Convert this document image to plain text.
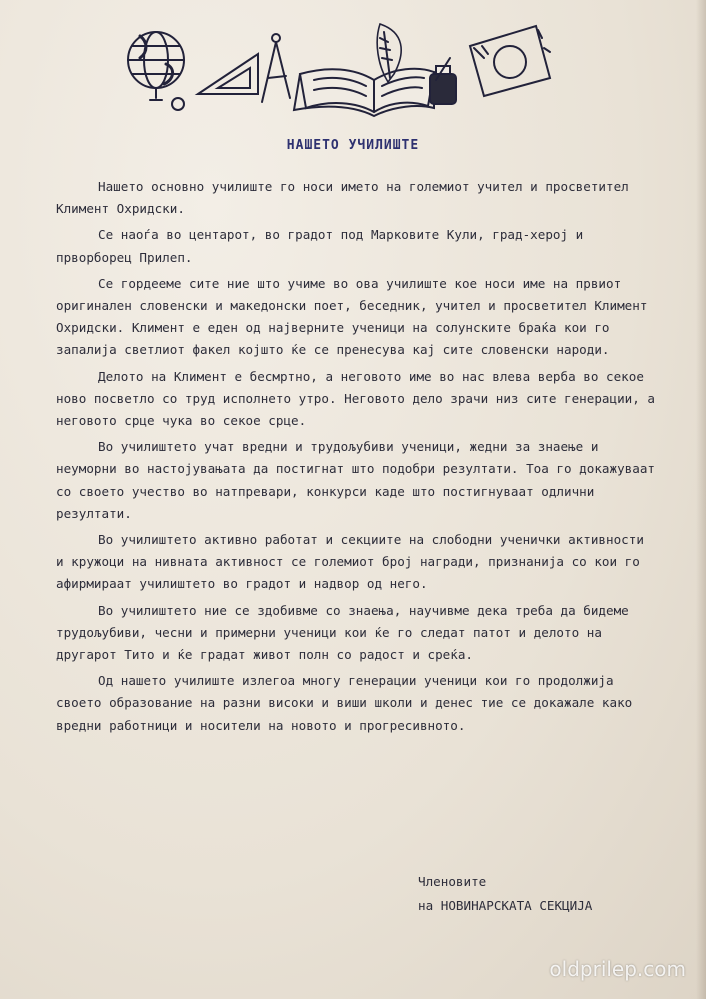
НАШЕТО УЧИЛИШТЕ

Нашето основно училиште го носи името на големиот учител и просветител Климент Охридски.

Се наоѓа во центарот, во градот под Марковите Кули, град-херој и прворборец Прилеп.

Се гордееме сите ние што учиме во ова училиште кое носи име на првиот оригинален словенски и македонски поет, беседник, учител и просветител Климент Охридски. Климент е еден од најверните ученици на солунските браќа кои го запалија светлиот факел којшто ќе се пренесува кај сите словенски народи.

Делото на Климент е бесмртно, а неговото име во нас влева верба во секое ново посветло со труд исполнето утро. Неговото дело зрачи низ сите генерации, а неговото срце чука во секое срце.

Во училиштето учат вредни и трудољубиви ученици, жедни за знаење и неуморни во настојувањата да постигнат што подобри резултати. Тоа го докажуваат со своето учество во натпревари, конкурси каде што постигнуваат одлични резултати.

Во училиштето активно работат и секциите на слободни ученички активности и кружоци на нивната активност се големиот број награди, признанија со кои го афирмираат училиштето во градот и надвор од него.

Во училиштето ние се здобивме со знаења, научивме дека треба да бидеме трудољубиви, чесни и примерни ученици кои ќе го следат патот и делото на другарот Тито и ќе градат живот полн со радост и среќа.

Од нашето училиште излегоа многу генерации учeници кои го продолжија своето образование на разни високи и виши школи и денес тие се докажале како вредни работници и носители на новото и прогресивното.

Членовите
на НОВИНАРСКАТА СЕКЦИЈА
oldprilep.com
